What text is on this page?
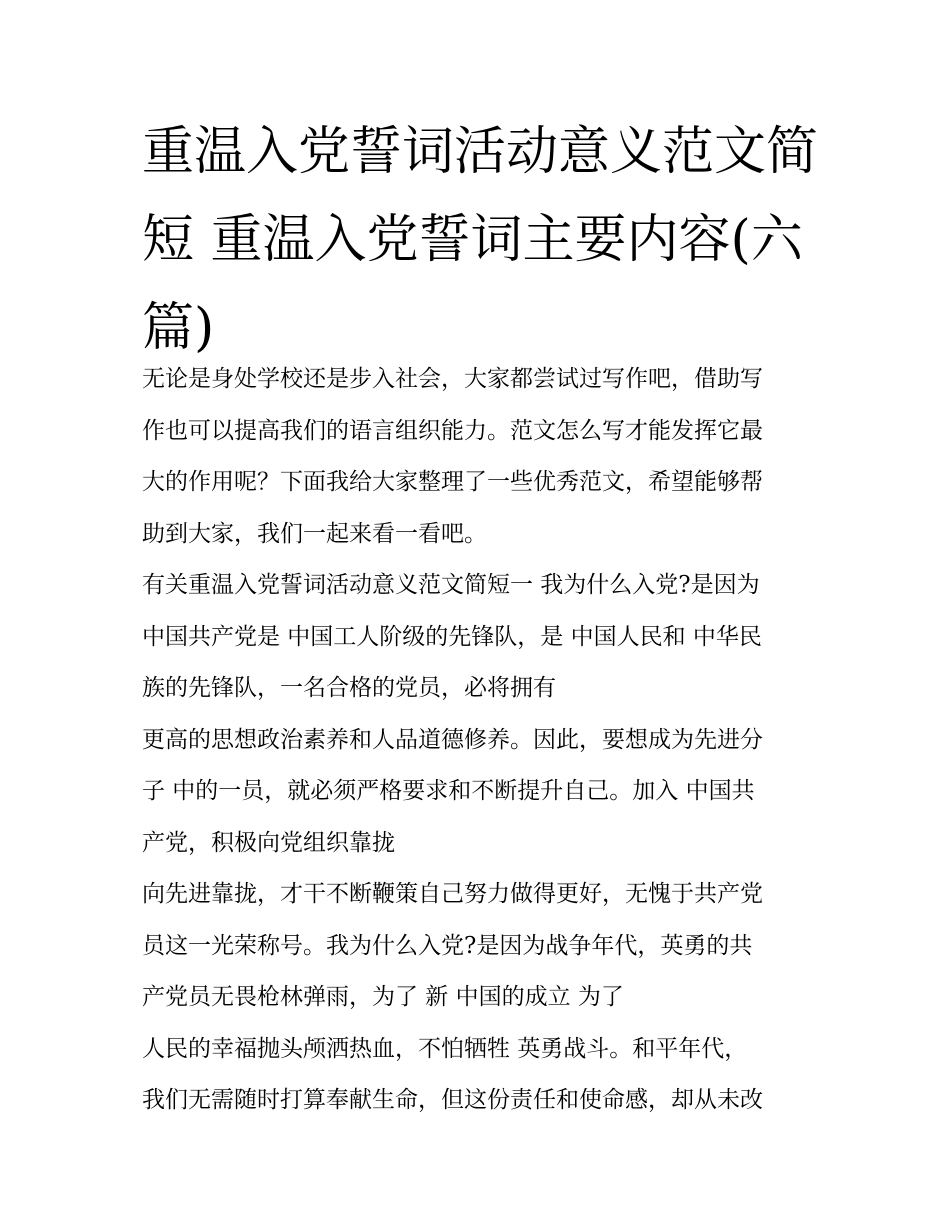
重温入党誓词活动意义范文简
短 重温入党誓词主要内容(六
篇)
无论是身处学校还是步入社会，大家都尝试过写作吧，借助写
作也可以提高我们的语言组织能力。范文怎么写才能发挥它最
大的作用呢？下面我给大家整理了一些优秀范文，希望能够帮
助到大家，我们一起来看一看吧。
有关重温入党誓词活动意义范文简短一 我为什么入党?是因为
中国共产党是 中国工人阶级的先锋队，是 中国人民和 中华民
族的先锋队，一名合格的党员，必将拥有
更高的思想政治素养和人品道德修养。因此，要想成为先进分
子 中的一员，就必须严格要求和不断提升自己。加入 中国共
产党，积极向党组织靠拢
向先进靠拢，才干不断鞭策自己努力做得更好，无愧于共产党
员这一光荣称号。我为什么入党?是因为战争年代，英勇的共
产党员无畏枪林弹雨，为了 新 中国的成立 为了
人民的幸福抛头颅洒热血，不怕牺牲 英勇战斗。和平年代，
我们无需随时打算奉献生命，但这份责任和使命感，却从未改
